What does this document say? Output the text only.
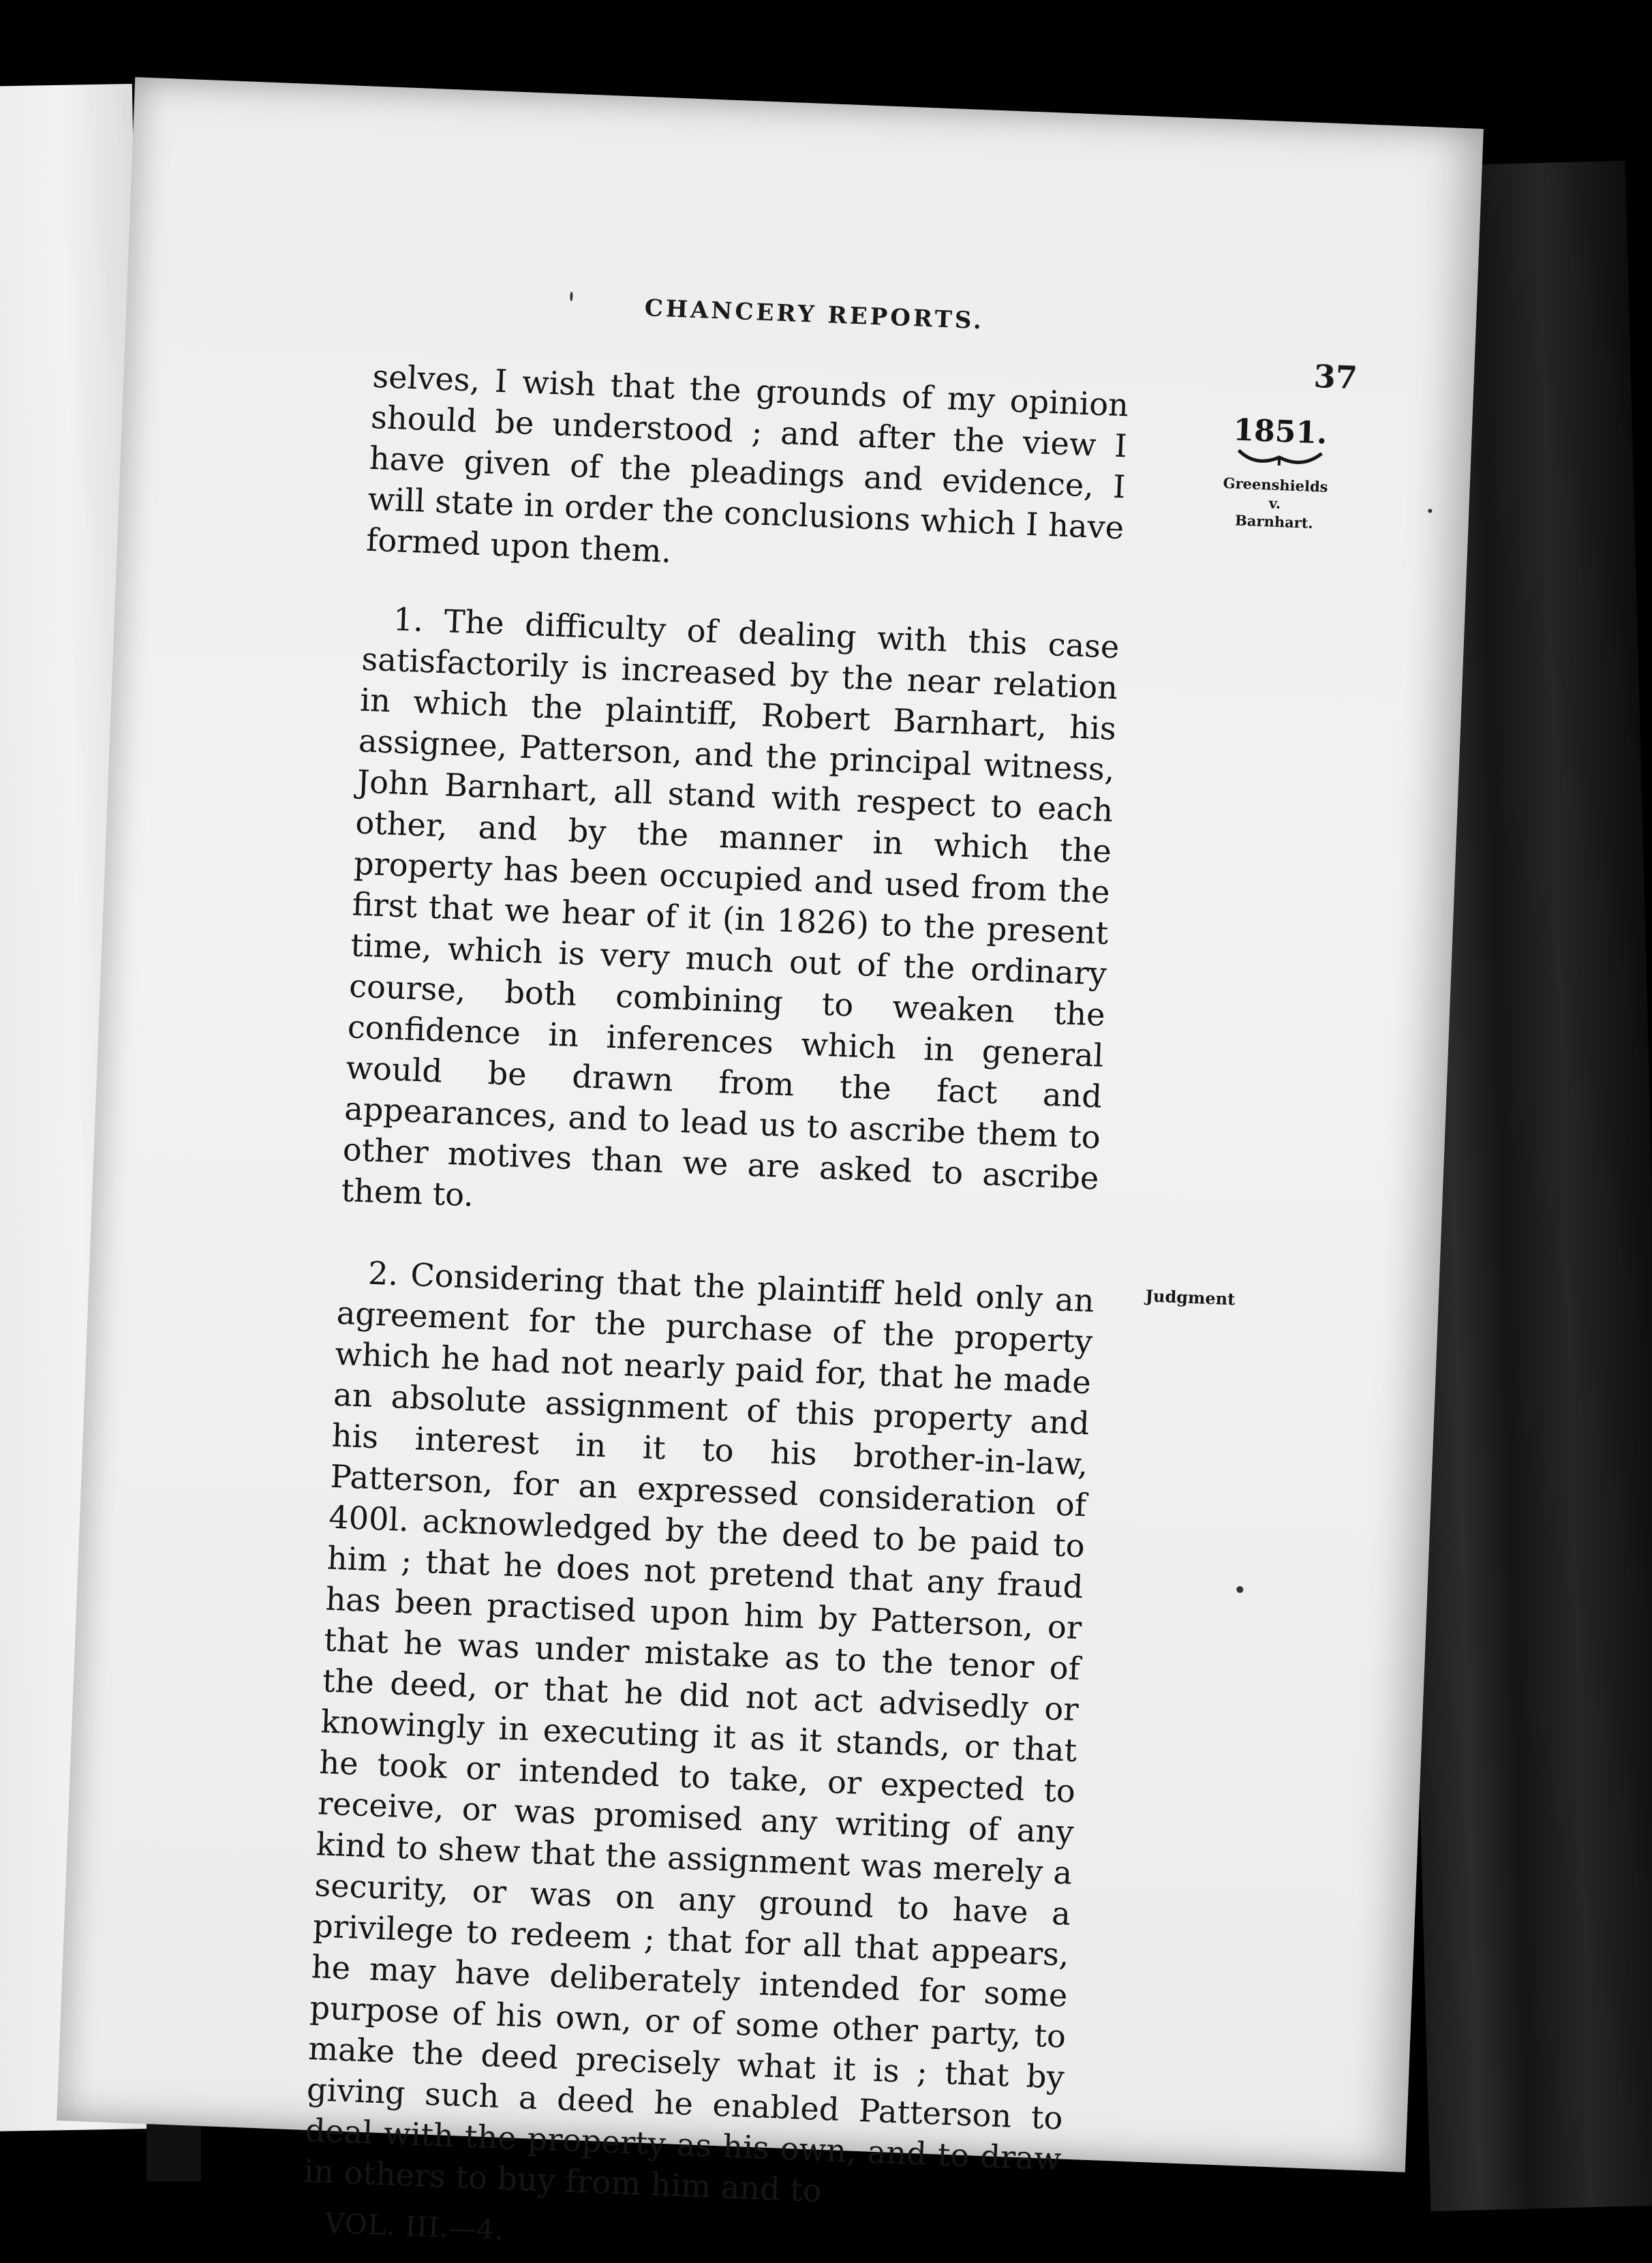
CHANCERY REPORTS.
37
1851.
Greenshields
v.
Barnhart.
Judgment

selves, I wish that the grounds of my opinion should be understood ; and after the view I have given of the pleadings and evidence, I will state in order the conclusions which I have formed upon them.

1. The difficulty of dealing with this case satisfactorily is increased by the near relation in which the plaintiff, Robert Barnhart, his assignee, Patterson, and the principal witness, John Barnhart, all stand with respect to each other, and by the manner in which the property has been occupied and used from the first that we hear of it (in 1826) to the present time, which is very much out of the ordinary course, both combining to weaken the confidence in inferences which in general would be drawn from the fact and appearances, and to lead us to ascribe them to other motives than we are asked to ascribe them to.

2. Considering that the plaintiff held only an agreement for the purchase of the property which he had not nearly paid for, that he made an absolute assignment of this property and his interest in it to his brother-in-law, Patterson, for an expressed consideration of 400l. acknowledged by the deed to be paid to him ; that he does not pretend that any fraud has been practised upon him by Patterson, or that he was under mistake as to the tenor of the deed, or that he did not act advisedly or knowingly in executing it as it stands, or that he took or intended to take, or expected to receive, or was promised any writing of any kind to shew that the assignment was merely a security, or was on any ground to have a privilege to redeem ; that for all that appears, he may have deliberately intended for some purpose of his own, or of some other party, to make the deed precisely what it is ; that by giving such a deed he enabled Patterson to deal with the property as his own, and to draw in others to buy from him and to

VOL. III.—4.
